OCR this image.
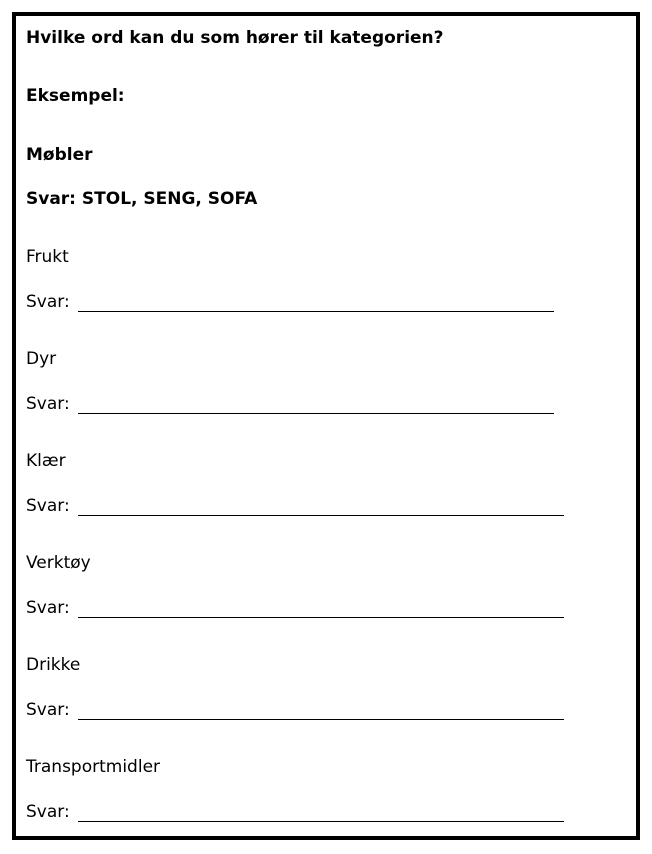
Hvilke ord kan du som hører til kategorien?

Eksempel:

Møbler

Svar: STOL, SENG, SOFA

Frukt

Svar:

Dyr

Svar:

Klær

Svar:

Verktøy

Svar:

Drikke

Svar:

Transportmidler

Svar:
